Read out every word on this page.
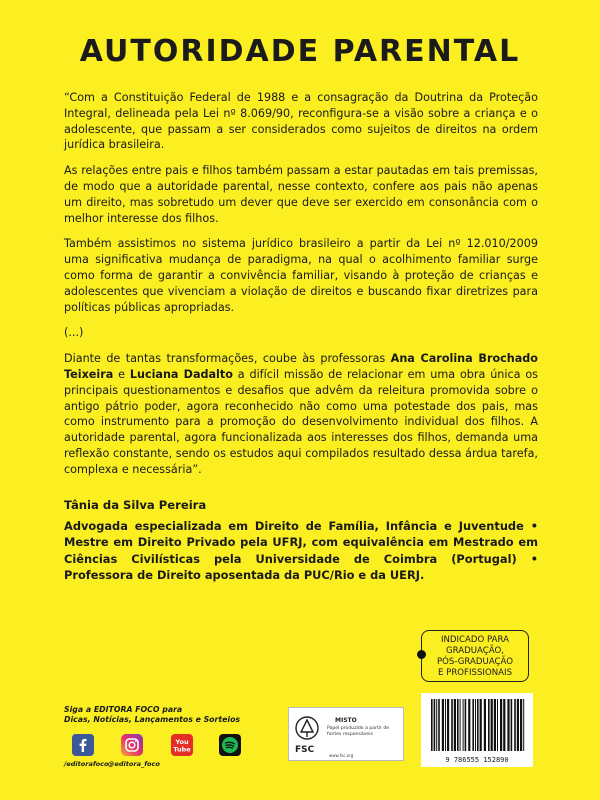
AUTORIDADE PARENTAL

“Com a Constituição Federal de 1988 e a consagração da Doutrina da Proteção Integral, delineada pela Lei nº 8.069/90, reconfigura-se a visão sobre a criança e o adolescente, que passam a ser considerados como sujeitos de direitos na ordem jurídica brasileira.

As relações entre pais e filhos também passam a estar pautadas em tais premissas, de modo que a autoridade parental, nesse contexto, confere aos pais não apenas um direito, mas sobretudo um dever que deve ser exercido em consonância com o melhor interesse dos filhos.

Também assistimos no sistema jurídico brasileiro a partir da Lei nº 12.010/2009 uma significativa mudança de paradigma, na qual o acolhimento familiar surge como forma de garantir a convivência familiar, visando à proteção de crianças e adolescentes que vivenciam a violação de direitos e buscando fixar diretrizes para políticas públicas apropriadas.

(...)

Diante de tantas transformações, coube às professoras Ana Carolina Brochado Teixeira e Luciana Dadalto a difícil missão de relacionar em uma obra única os principais questionamentos e desafios que advêm da releitura promovida sobre o antigo pátrio poder, agora reconhecido não como uma potestade dos pais, mas como instrumento para a promoção do desenvolvimento individual dos filhos. A autoridade parental, agora funcionalizada aos interesses dos filhos, demanda uma reflexão constante, sendo os estudos aqui compilados resultado dessa árdua tarefa, complexa e necessária”.

Tânia da Silva Pereira
Advogada especializada em Direito de Família, Infância e Juventude • Mestre em Direito Privado pela UFRJ, com equivalência em Mestrado em Ciências Civilísticas pela Universidade de Coimbra (Portugal) • Professora de Direito aposentada da PUC/Rio e da UERJ.
INDICADO PARA
GRADUAÇÃO,
PÓS-GRADUAÇÃO
E PROFISSIONAIS
Siga a EDITORA FOCO para
Dicas, Notícias, Lançamentos e Sorteios
/editorafoco @editora_foco
You
Tube	FSC
MISTO
www.fsc.org
Papel produzido a partir de fontes responsáveis
9 786555 152890
